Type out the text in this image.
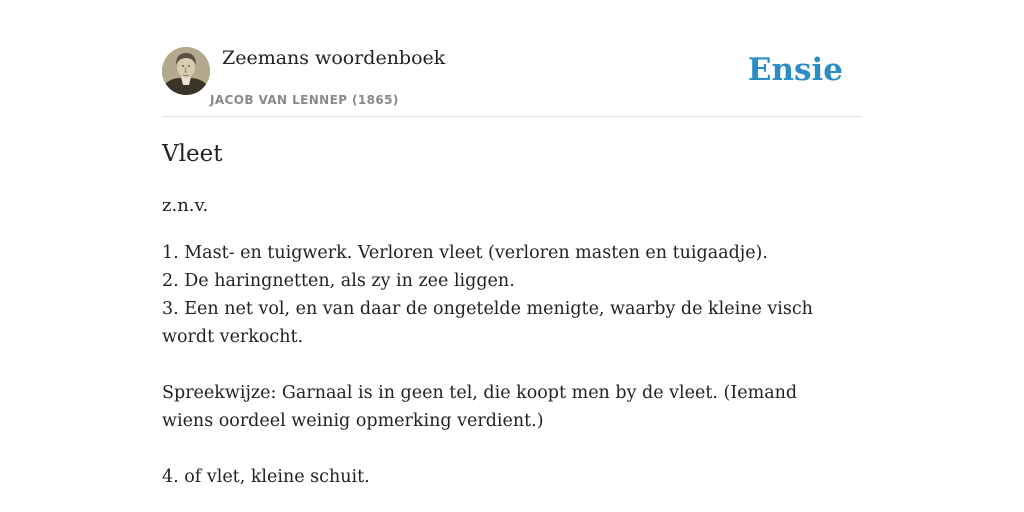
Zeemans woordenboek
JACOB VAN LENNEP (1865)
Ensie
Vleet
z.n.v.
1. Mast- en tuigwerk. Verloren vleet (verloren masten en tuigaadje).
2. De haringnetten, als zy in zee liggen.
3. Een net vol, en van daar de ongetelde menigte, waarby de kleine visch wordt verkocht.
Spreekwijze: Garnaal is in geen tel, die koopt men by de vleet. (Iemand wiens oordeel weinig opmerking verdient.)
4. of vlet, kleine schuit.
